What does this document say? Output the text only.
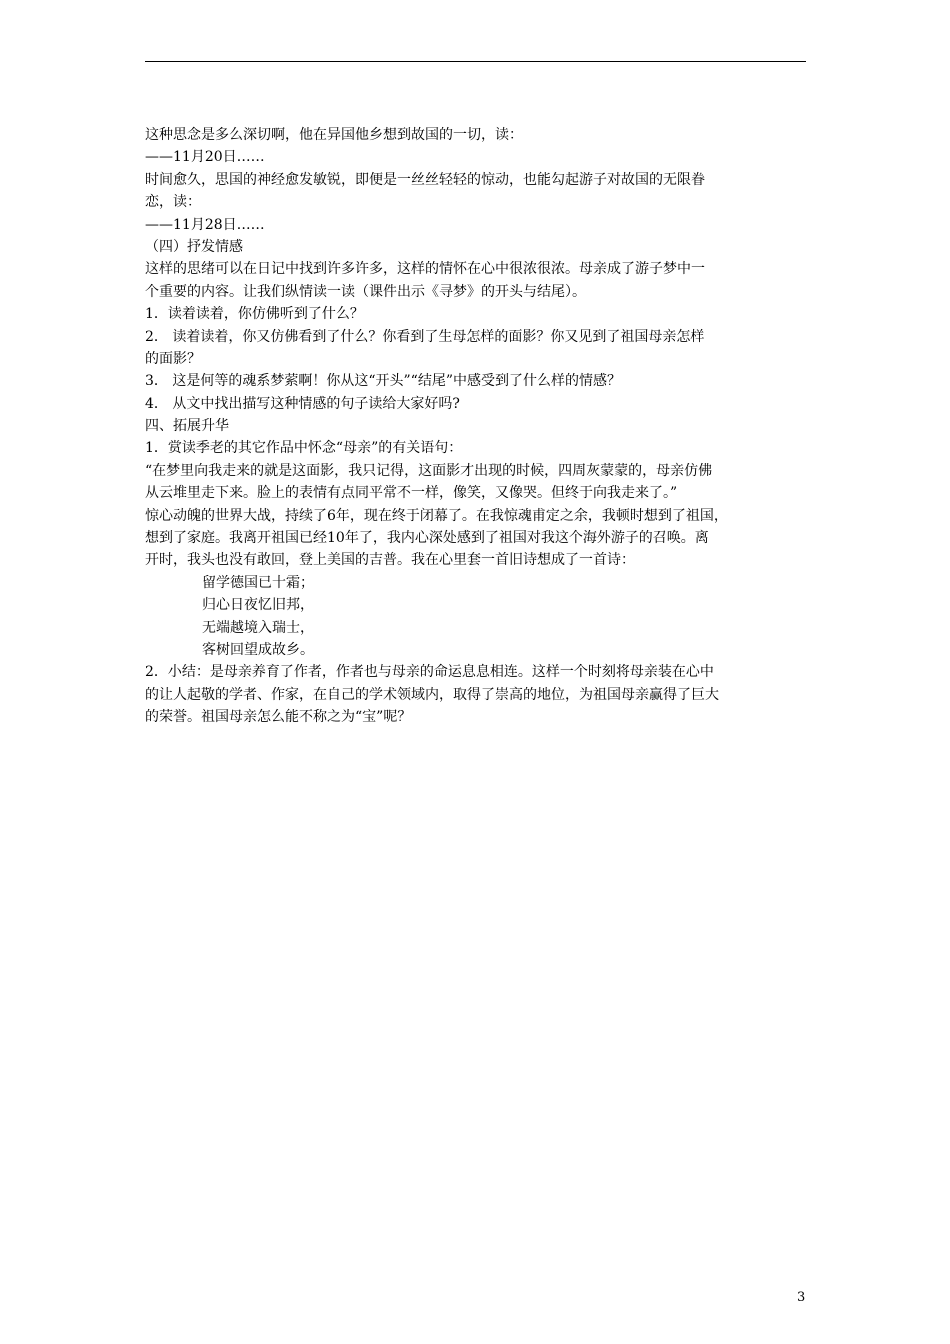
这种思念是多么深切啊，他在异国他乡想到故国的一切，读：
——11月20日……
时间愈久，思国的神经愈发敏锐，即便是一丝丝轻轻的惊动，也能勾起游子对故国的无限眷
恋，读：
——11月28日……
（四）抒发情感
这样的思绪可以在日记中找到许多许多，这样的情怀在心中很浓很浓。母亲成了游子梦中一
个重要的内容。让我们纵情读一读（课件出示《寻梦》的开头与结尾）。
1．读着读着，你仿佛听到了什么？
2． 读着读着，你又仿佛看到了什么？你看到了生母怎样的面影？你又见到了祖国母亲怎样
的面影？
3． 这是何等的魂系梦萦啊！你从这“开头”“结尾”中感受到了什么样的情感？
4． 从文中找出描写这种情感的句子读给大家好吗?
四、拓展升华
1．赏读季老的其它作品中怀念“母亲”的有关语句：
“在梦里向我走来的就是这面影，我只记得，这面影才出现的时候，四周灰蒙蒙的，母亲仿佛
从云堆里走下来。脸上的表情有点同平常不一样，像笑，又像哭。但终于向我走来了。”
惊心动魄的世界大战，持续了6年，现在终于闭幕了。在我惊魂甫定之余，我顿时想到了祖国，
想到了家庭。我离开祖国已经10年了，我内心深处感到了祖国对我这个海外游子的召唤。离
开时，我头也没有敢回，登上美国的吉普。我在心里套一首旧诗想成了一首诗：
留学德国已十霜；
归心日夜忆旧邦，
无端越境入瑞士，
客树回望成故乡。
2．小结：是母亲养育了作者，作者也与母亲的命运息息相连。这样一个时刻将母亲装在心中
的让人起敬的学者、作家，在自己的学术领域内，取得了崇高的地位，为祖国母亲赢得了巨大
的荣誉。祖国母亲怎么能不称之为“宝”呢？
3
